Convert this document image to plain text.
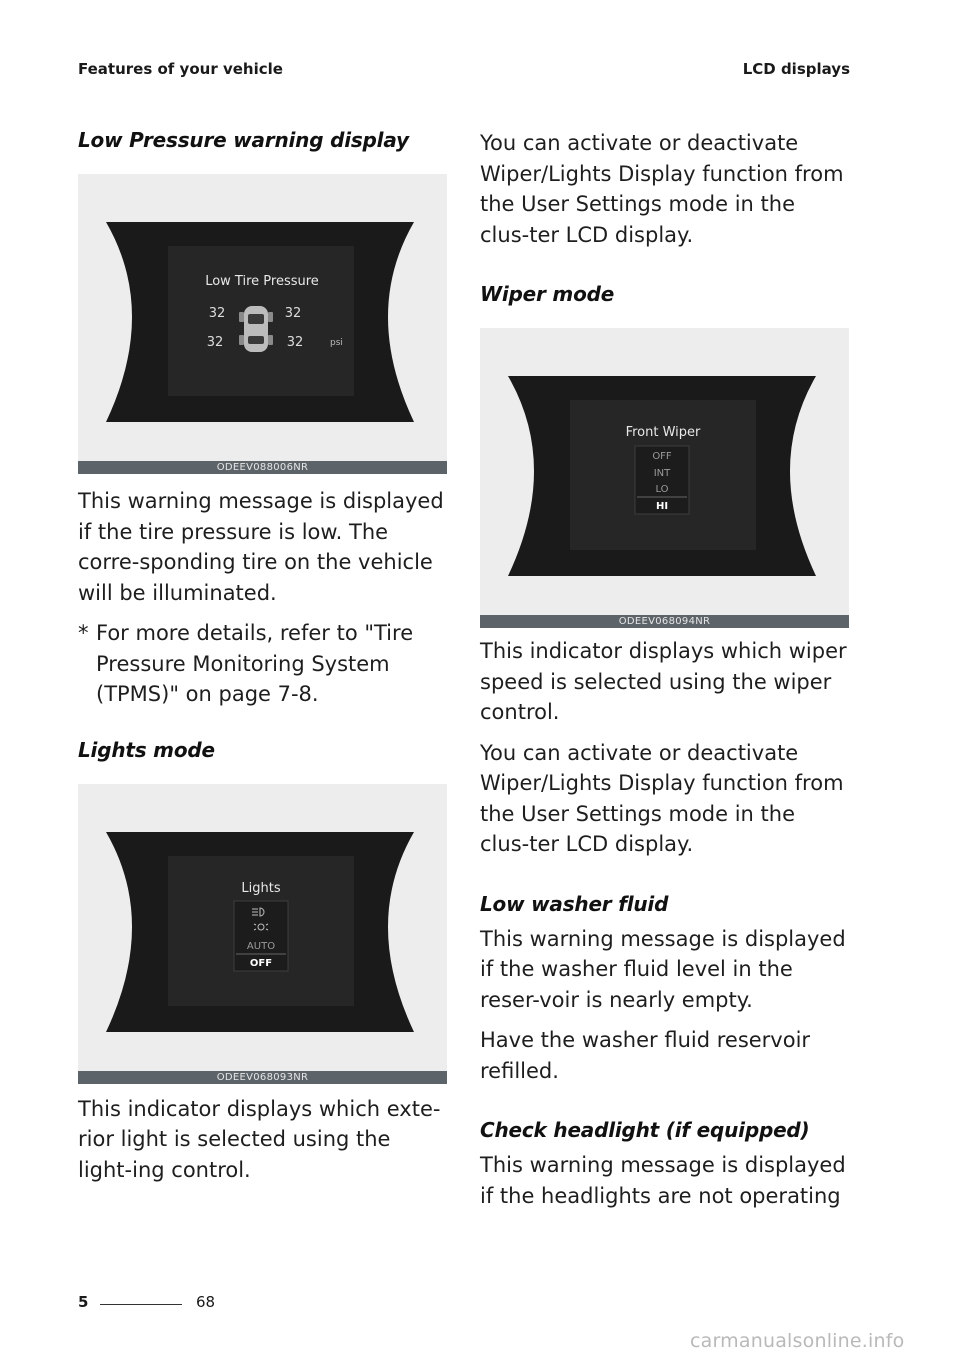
Features of your vehicle	LCD displays
Low Pressure warning display
Low Tire Pressure
32	32
32	32	psi
ODEEV088006NR

This warning message is displayed if the tire pressure is low. The corre-sponding tire on the vehicle will be illuminated.

* For more details, refer to "Tire Pressure Monitoring System (TPMS)" on page 7-8.

Lights mode
Lights
AUTO
OFF
ODEEV068093NR

This indicator displays which exte-rior light is selected using the light-ing control.

You can activate or deactivate Wiper/Lights Display function from the User Settings mode in the clus-ter LCD display.

Wiper mode
Front Wiper
OFF
INT
LO
HI
ODEEV068094NR

This indicator displays which wiper speed is selected using the wiper control.

You can activate or deactivate Wiper/Lights Display function from the User Settings mode in the clus-ter LCD display.

Low washer fluid

This warning message is displayed if the washer fluid level in the reser-voir is nearly empty.

Have the washer fluid reservoir refilled.

Check headlight (if equipped)

This warning message is displayed if the headlights are not operating

5	68
carmanualsonline.info
